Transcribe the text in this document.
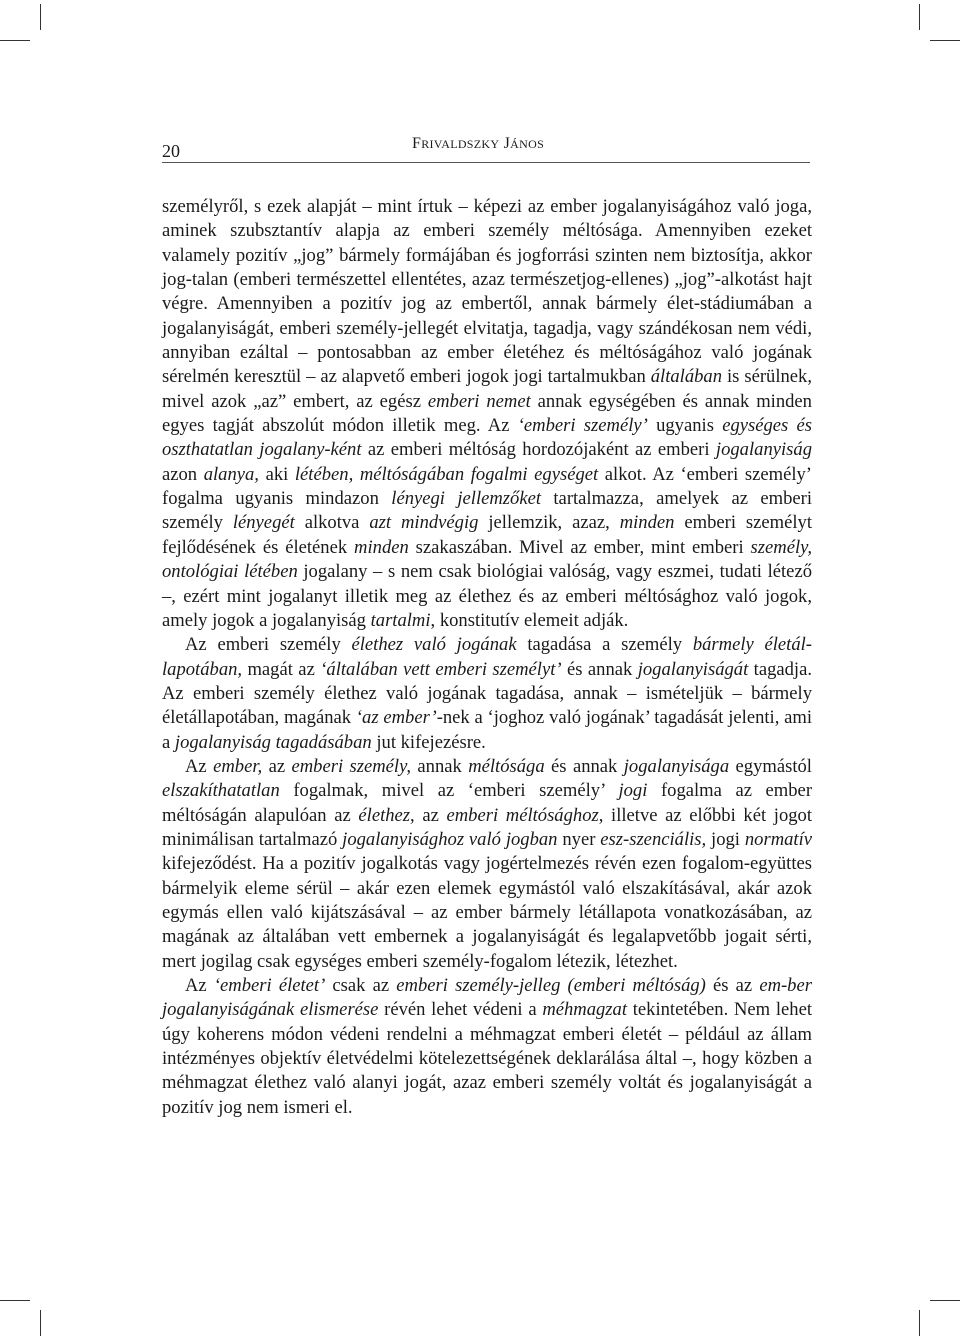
20	FRIVALDSZKY JÁNOS

személyről, s ezek alapját – mint írtuk – képezi az ember jogalanyiságához való joga, aminek szubsztantív alapja az emberi személy méltósága. Amennyiben ezeket valamely pozitív „jog” bármely formájában és jogforrási szinten nem biztosítja, akkor jog-talan (emberi természettel ellentétes, azaz természetjog-ellenes) „jog”-alkotást hajt végre. Amennyiben a pozitív jog az embertől, annak bármely élet-stádiumában a jogalanyiságát, emberi személy-jellegét elvitatja, tagadja, vagy szándékosan nem védi, annyiban ezáltal – pontosabban az ember életéhez és méltóságához való jogának sérelmén keresztül – az alapvető emberi jogok jogi tartalmukban általában is sérülnek, mivel azok „az” embert, az egész emberi nemet annak egységében és annak minden egyes tagját abszolút módon illetik meg. Az ‘emberi személy’ ugyanis egységes és oszthatatlan jogalany-ként az emberi méltóság hordozójaként az emberi jogalanyiság azon alanya, aki létében, méltóságában fogalmi egységet alkot. Az ‘emberi személy’ fogalma ugyanis mindazon lényegi jellemzőket tartalmazza, amelyek az emberi személy lényegét alkotva azt mindvégig jellemzik, azaz, minden emberi személyt fejlődésének és életének minden szakaszában. Mivel az ember, mint emberi személy, ontológiai létében jogalany – s nem csak biológiai valóság, vagy eszmei, tudati létező –, ezért mint jogalanyt illetik meg az élethez és az emberi méltósághoz való jogok, amely jogok a jogalanyiság tartalmi, konstitutív elemeit adják.

Az emberi személy élethez való jogának tagadása a személy bármely életál-lapotában, magát az ‘általában vett emberi személyt’ és annak jogalanyiságát tagadja. Az emberi személy élethez való jogának tagadása, annak – ismételjük – bármely életállapotában, magának ‘az ember’-nek a ‘joghoz való jogának’ tagadását jelenti, ami a jogalanyiság tagadásában jut kifejezésre.

Az ember, az emberi személy, annak méltósága és annak jogalanyisága egymástól elszakíthatatlan fogalmak, mivel az ‘emberi személy’ jogi fogalma az ember méltóságán alapulóan az élethez, az emberi méltósághoz, illetve az előbbi két jogot minimálisan tartalmazó jogalanyisághoz való jogban nyer esz-szenciális, jogi normatív kifejeződést. Ha a pozitív jogalkotás vagy jogértelmezés révén ezen fogalom-együttes bármelyik eleme sérül – akár ezen elemek egymástól való elszakításával, akár azok egymás ellen való kijátszásával – az ember bármely létállapota vonatkozásában, az magának az általában vett embernek a jogalanyiságát és legalapvetőbb jogait sérti, mert jogilag csak egységes emberi személy-fogalom létezik, létezhet.

Az ‘emberi életet’ csak az emberi személy-jelleg (emberi méltóság) és az em-ber jogalanyiságának elismerése révén lehet védeni a méhmagzat tekintetében. Nem lehet úgy koherens módon védeni rendelni a méhmagzat emberi életét – például az állam intézményes objektív életvédelmi kötelezettségének deklarálása által –, hogy közben a méhmagzat élethez való alanyi jogát, azaz emberi személy voltát és jogalanyiságát a pozitív jog nem ismeri el.
